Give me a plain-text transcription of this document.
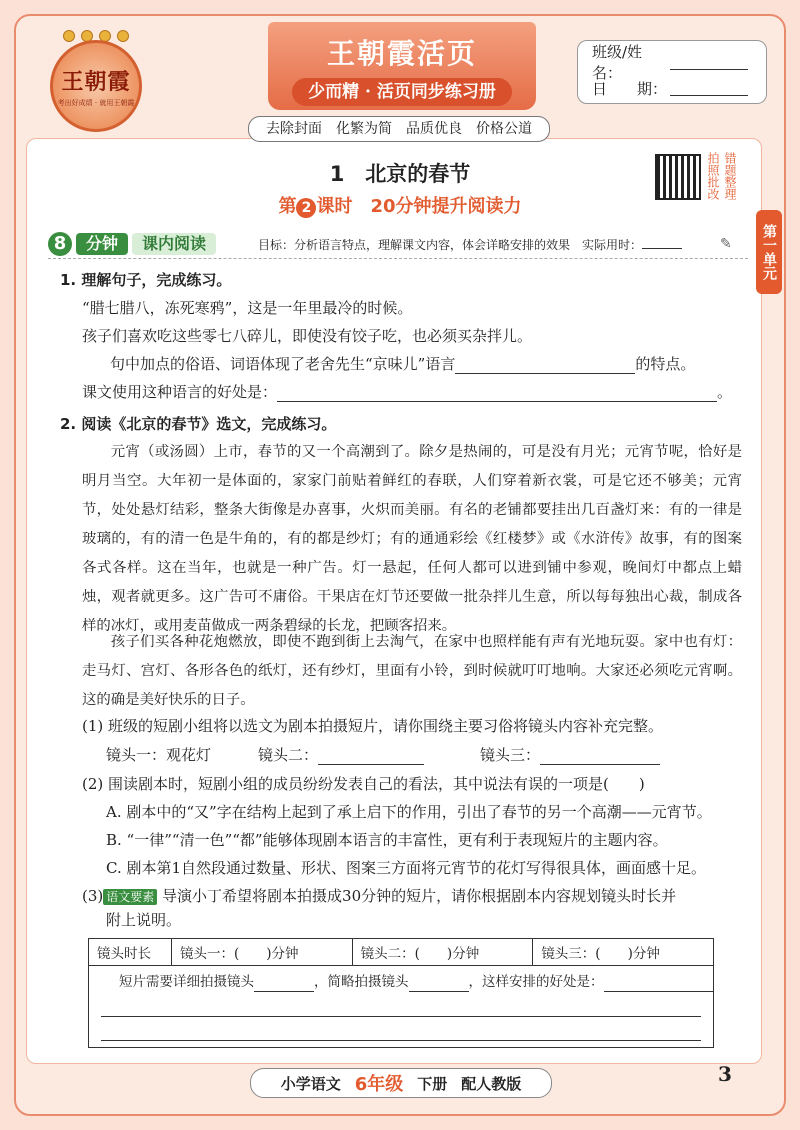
王朝霞
考出好成绩 · 就用王朝霞
王朝霞活页
少而精 · 活页同步练习册
班级/姓名：
日　　期：
去除封面　化繁为简　品质优良　价格公道
1　北京的春节
第 2 课时　20分钟提升阅读力
拍照批改 错题整理
第一单元
8	分钟	课内阅读	目标：分析语言特点，理解课文内容，体会详略安排的效果　实际用时：	✎
1. 理解句子，完成练习。
“腊七腊八，冻死寒鸦”，这是一年里最冷的时候。
孩子们喜欢吃这些零七八碎儿，即使没有饺子吃，也必须买杂拌儿。
句中加点的俗语、词语体现了老舍先生“京味儿”语言	的特点。
课文使用这种语言的好处是：	。
2. 阅读《北京的春节》选文，完成练习。
元宵（或汤圆）上市，春节的又一个高潮到了。除夕是热闹的，可是没有月光；元宵节呢，恰好是明月当空。大年初一是体面的，家家门前贴着鲜红的春联，人们穿着新衣裳，可是它还不够美；元宵节，处处悬灯结彩，整条大街像是办喜事，火炽而美丽。有名的老铺都要挂出几百盏灯来：有的一律是玻璃的，有的清一色是牛角的，有的都是纱灯；有的通通彩绘《红楼梦》或《水浒传》故事，有的图案各式各样。这在当年，也就是一种广告。灯一悬起，任何人都可以进到铺中参观，晚间灯中都点上蜡烛，观者就更多。这广告可不庸俗。干果店在灯节还要做一批杂拌儿生意，所以每每独出心裁，制成各样的冰灯，或用麦苗做成一两条碧绿的长龙，把顾客招来。
孩子们买各种花炮燃放，即使不跑到街上去淘气，在家中也照样能有声有光地玩耍。家中也有灯：走马灯、宫灯、各形各色的纸灯，还有纱灯，里面有小铃，到时候就叮叮地响。大家还必须吃元宵啊。这的确是美好快乐的日子。
(1) 班级的短剧小组将以选文为剧本拍摄短片，请你围绕主要习俗将镜头内容补充完整。
镜头一：观花灯	镜头二：	镜头三：
(2) 围读剧本时，短剧小组的成员纷纷发表自己的看法，其中说法有误的一项是(　　)
A. 剧本中的“又”字在结构上起到了承上启下的作用，引出了春节的另一个高潮——元宵节。
B. “一律”“清一色”“都”能够体现剧本语言的丰富性，更有利于表现短片的主题内容。
C. 剧本第1自然段通过数量、形状、图案三方面将元宵节的花灯写得很具体，画面感十足。
(3) 语文要素 导演小丁希望将剧本拍摄成30分钟的短片，请你根据剧本内容规划镜头时长并
附上说明。
镜头时长	镜头一：(　　)分钟	镜头二：(　　)分钟	镜头三：(　　)分钟
短片需要详细拍摄镜头	，简略拍摄镜头	，这样安排的好处是：
小学语文 6年级 下册 配人教版	3
